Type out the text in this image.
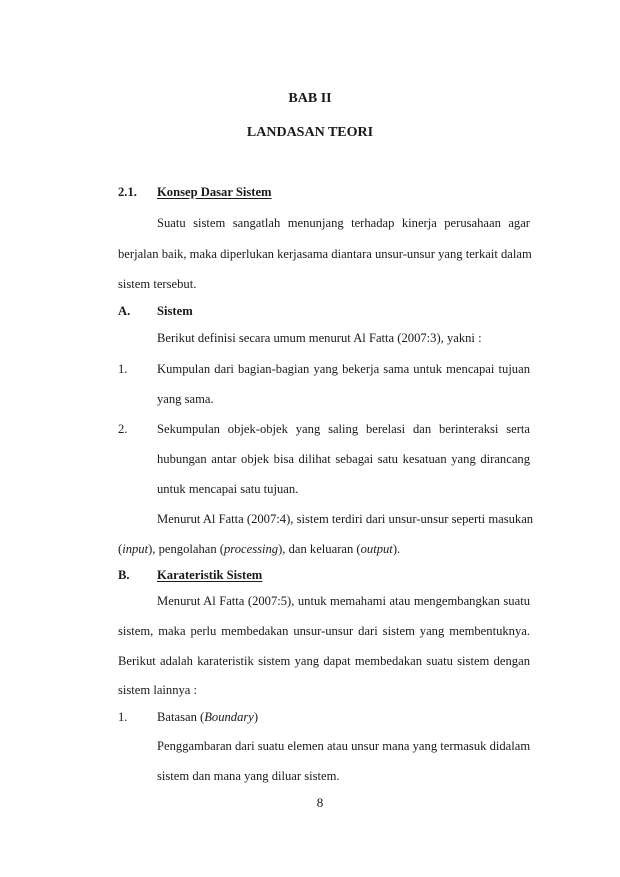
BAB II
LANDASAN TEORI
2.1. Konsep Dasar Sistem
Suatu sistem sangatlah menunjang terhadap kinerja perusahaan agar
berjalan baik, maka diperlukan kerjasama diantara unsur-unsur yang terkait dalam
sistem tersebut.
A. Sistem
Berikut definisi secara umum menurut Al Fatta (2007:3), yakni :
1. Kumpulan dari bagian-bagian yang bekerja sama untuk mencapai tujuan
yang sama.
2. Sekumpulan objek-objek yang saling berelasi dan berinteraksi serta
hubungan antar objek bisa dilihat sebagai satu kesatuan yang dirancang
untuk mencapai satu tujuan.
Menurut Al Fatta (2007:4), sistem terdiri dari unsur-unsur seperti masukan
(input), pengolahan (processing), dan keluaran (output).
B. Karateristik Sistem
Menurut Al Fatta (2007:5), untuk memahami atau mengembangkan suatu
sistem, maka perlu membedakan unsur-unsur dari sistem yang membentuknya.
Berikut adalah karateristik sistem yang dapat membedakan suatu sistem dengan
sistem lainnya :
1. Batasan (Boundary)
Penggambaran dari suatu elemen atau unsur mana yang termasuk didalam
sistem dan mana yang diluar sistem.
8
